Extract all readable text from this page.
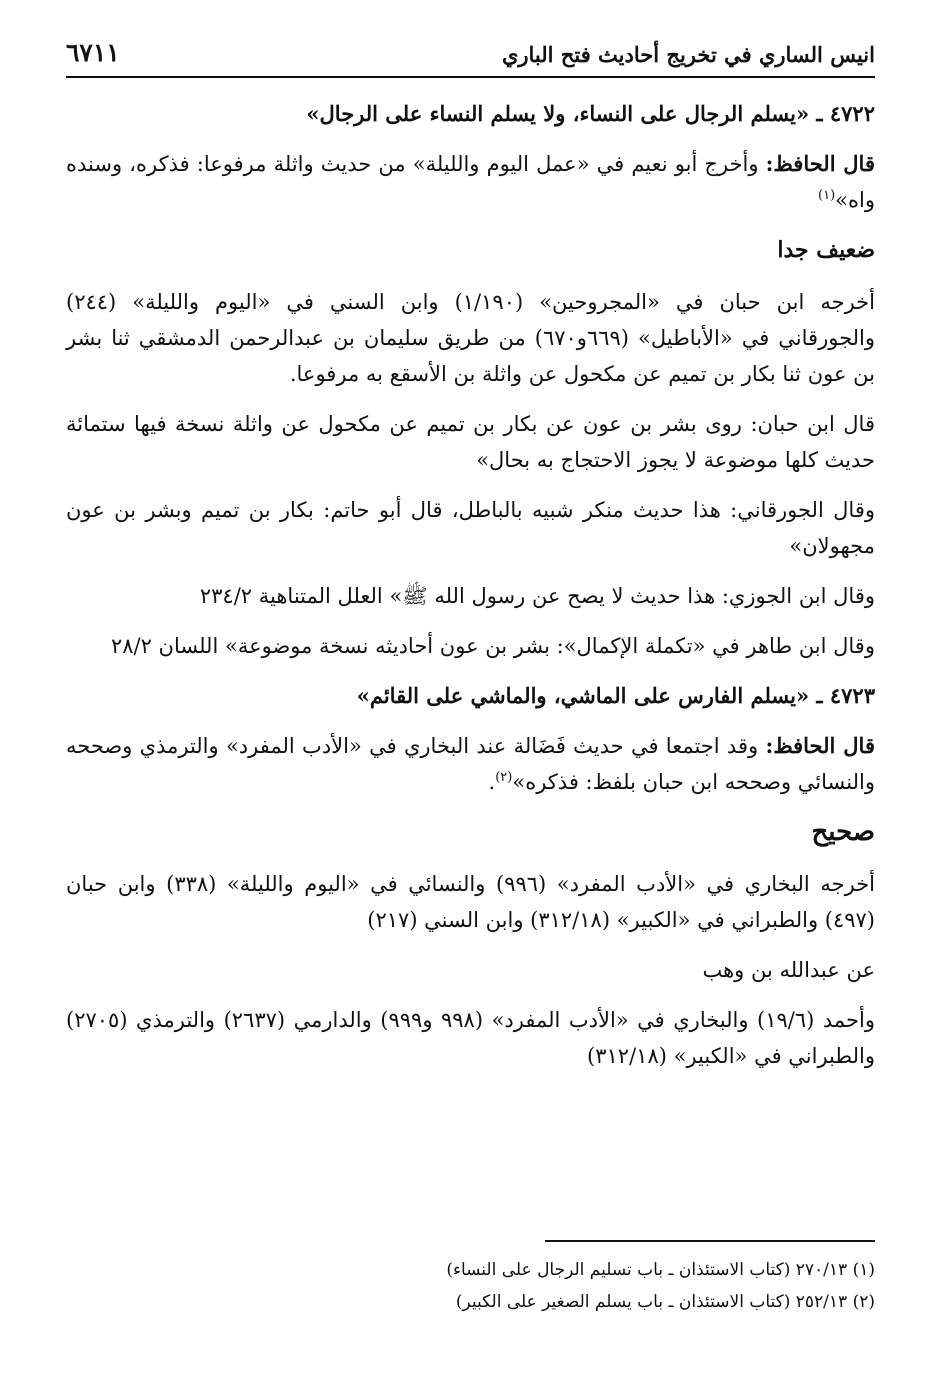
انيس الساري في تخريج أحاديث فتح الباري
٦٧١١
٤٧٢٢ ـ «يسلم الرجال على النساء، ولا يسلم النساء على الرجال»

قال الحافظ: وأخرج أبو نعيم في «عمل اليوم والليلة» من حديث واثلة مرفوعا: فذكره، وسنده واه»$^{(١)}$

ضعيف جدا

أخرجه ابن حبان في «المجروحين» (١/١٩٠) وابن السني في «اليوم والليلة» (٢٤٤) والجورقاني في «الأباطيل» (٦٦٩و٦٧٠) من طريق سليمان بن عبدالرحمن الدمشقي ثنا بشر بن عون ثنا بكار بن تميم عن مكحول عن واثلة بن الأسقع به مرفوعا.

قال ابن حبان: روى بشر بن عون عن بكار بن تميم عن مكحول عن واثلة نسخة فيها ستمائة حديث كلها موضوعة لا يجوز الاحتجاج به بحال»

وقال الجورقاني: هذا حديث منكر شبيه بالباطل، قال أبو حاتم: بكار بن تميم وبشر بن عون مجهولان»

وقال ابن الجوزي: هذا حديث لا يصح عن رسول الله ﷺ» العلل المتناهية ٢٣٤/٢

وقال ابن طاهر في «تكملة الإكمال»: بشر بن عون أحاديثه نسخة موضوعة» اللسان ٢٨/٢

٤٧٢٣ ـ «يسلم الفارس على الماشي، والماشي على القائم»

قال الحافظ: وقد اجتمعا في حديث فَضَالة عند البخاري في «الأدب المفرد» والترمذي وصححه والنسائي وصححه ابن حبان بلفظ: فذكره»$^{(٢)}$.

صحيح

أخرجه البخاري في «الأدب المفرد» (٩٩٦) والنسائي في «اليوم والليلة» (٣٣٨) وابن حبان (٤٩٧) والطبراني في «الكبير» (٣١٢/١٨) وابن السني (٢١٧)

عن عبدالله بن وهب

وأحمد (١٩/٦) والبخاري في «الأدب المفرد» (٩٩٨ و٩٩٩) والدارمي (٢٦٣٧) والترمذي (٢٧٠٥) والطبراني في «الكبير» (٣١٢/١٨)

(١) ٢٧٠/١٣ (كتاب الاستئذان ـ باب تسليم الرجال على النساء)
(٢) ٢٥٢/١٣ (كتاب الاستئذان ـ باب يسلم الصغير على الكبير)
